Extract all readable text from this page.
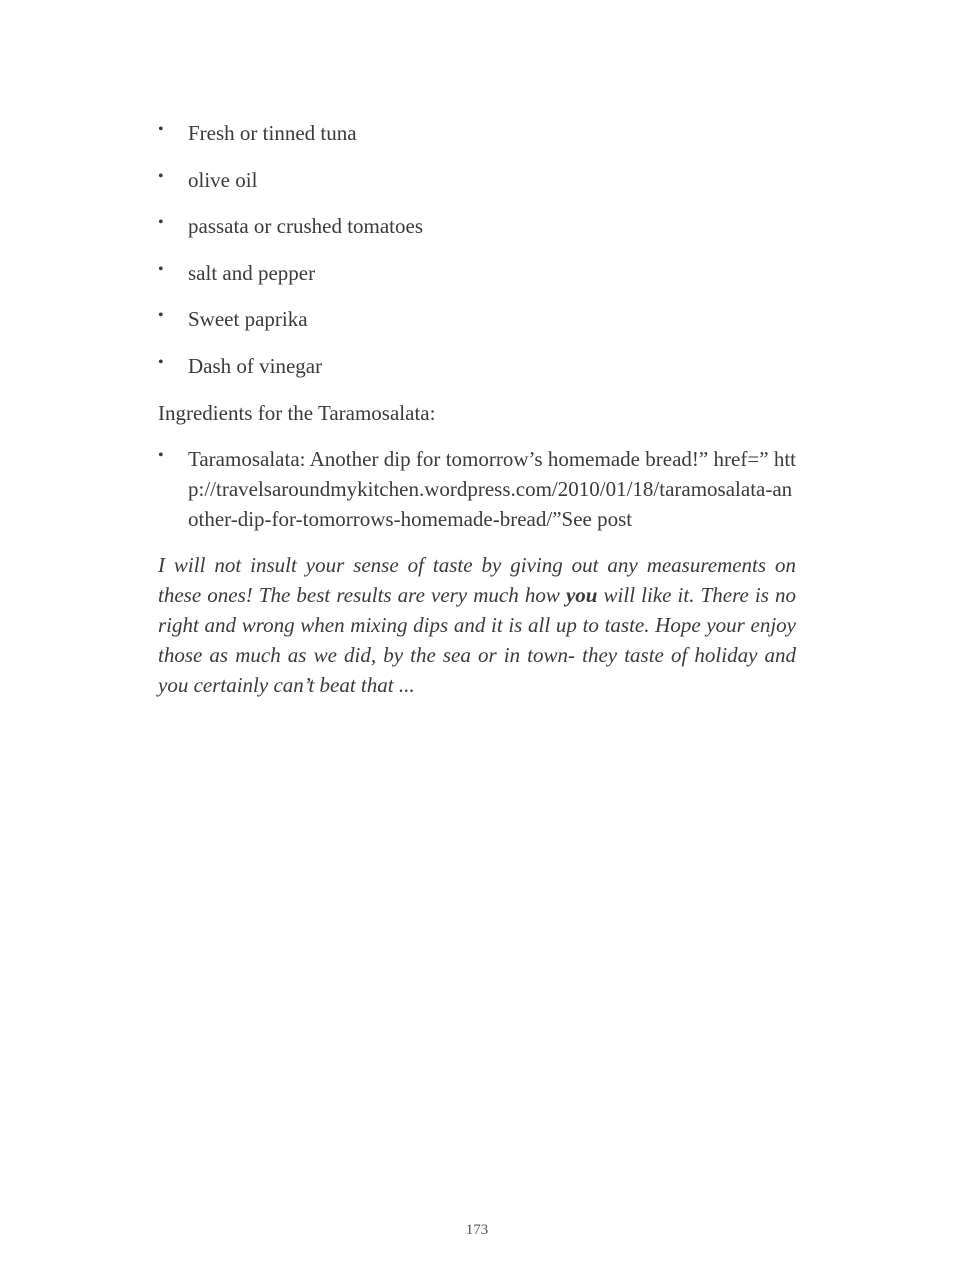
• Fresh or tinned tuna
• olive oil
• passata or crushed tomatoes
• salt and pepper
• Sweet paprika
• Dash of vinegar

Ingredients for the Taramosalata:

• Taramosalata: Another dip for tomorrow’s homemade bread!” href=” http://travelsaroundmykitchen.wordpress.com/2010/01/18/taramosalata-another-dip-for-tomorrows-homemade-bread/”See post

I will not insult your sense of taste by giving out any measurements on these ones! The best results are very much how you will like it. There is no right and wrong when mixing dips and it is all up to taste. Hope your enjoy those as much as we did, by the sea or in town- they taste of holiday and you certainly can’t beat that ...

173
